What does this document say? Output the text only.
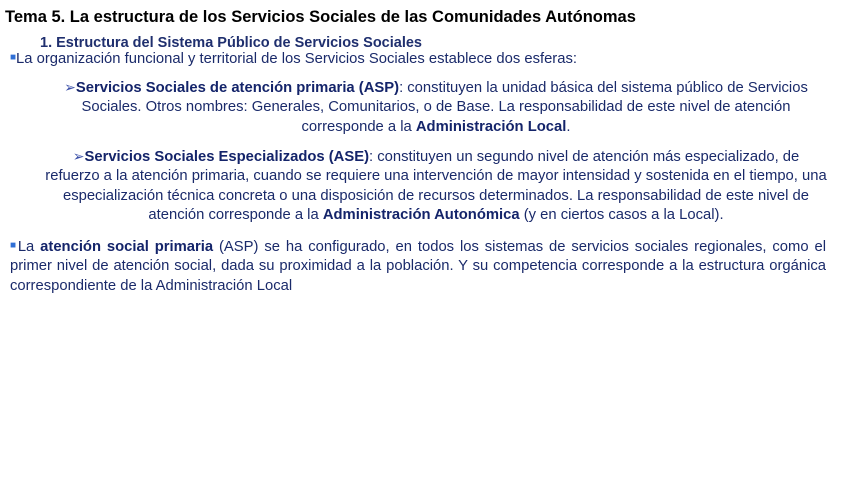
Tema 5. La estructura de los Servicios Sociales de las Comunidades Autónomas
1. Estructura del Sistema Público de Servicios Sociales
■La organización funcional y territorial de los Servicios Sociales establece dos esferas:
➢Servicios Sociales de atención primaria (ASP): constituyen la unidad básica del sistema público de Servicios Sociales. Otros nombres: Generales, Comunitarios, o de Base. La responsabilidad de este nivel de atención corresponde a la Administración Local.
➢Servicios Sociales Especializados (ASE): constituyen un segundo nivel de atención más especializado, de refuerzo a la atención primaria, cuando se requiere una intervención de mayor intensidad y sostenida en el tiempo, una especialización técnica concreta o una disposición de recursos determinados. La responsabilidad de este nivel de atención corresponde a la Administración Autonómica (y en ciertos casos a la Local).
■La atención social primaria (ASP) se ha configurado, en todos los sistemas de servicios sociales regionales, como el primer nivel de atención social, dada su proximidad a la población. Y su competencia corresponde a la estructura orgánica correspondiente de la Administración Local
